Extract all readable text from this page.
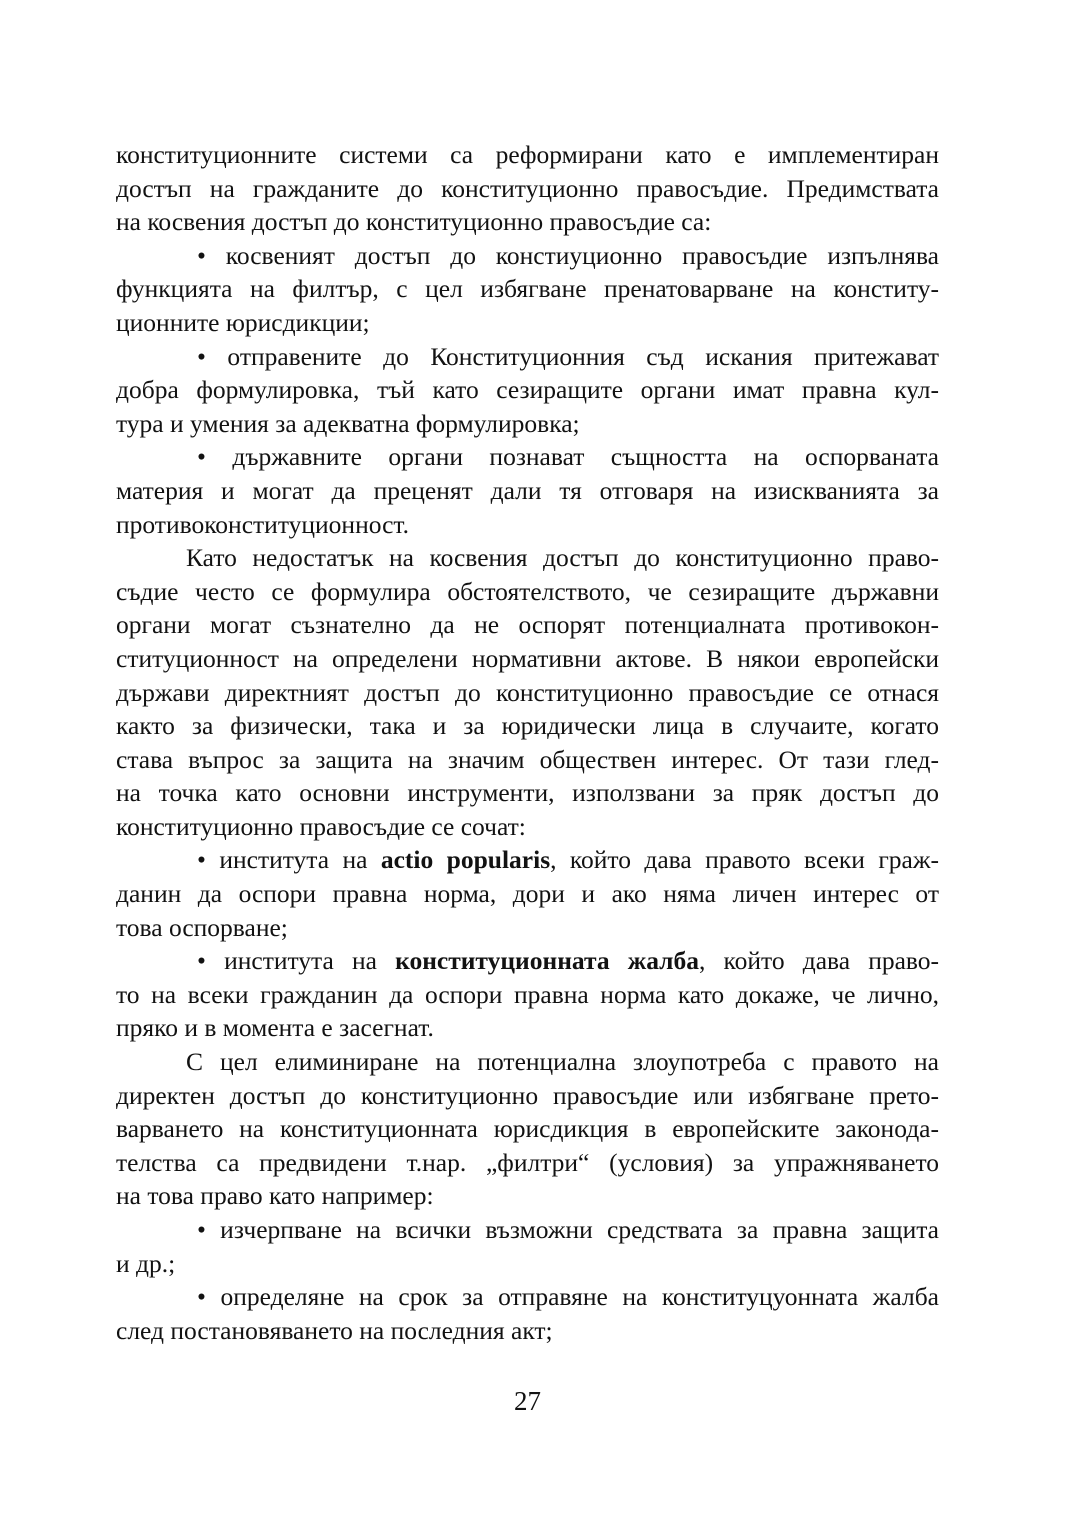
конституционните системи са реформирани като е имплементиран
достъп на гражданите до конституционно правосъдие. Предимствата
на косвения достъп до конституционно правосъдие са:
• косвеният достъп до констиуционно правосъдие изпълнява
функцията на филтър, с цел избягване пренатоварване на конститу-
ционните юрисдикции;
• отправените до Конституционния съд искания притежават
добра формулировка, тъй като сезиращите органи имат правна кул-
тура и умения за адекватна формулировка;
• държавните органи познават същността на оспорваната
материя и могат да преценят дали тя отговаря на изискванията за
противоконституционност.
Като недостатък на косвения достъп до конституционно право-
съдие често се формулира обстоятелството, че сезиращите държавни
органи могат съзнателно да не оспорят потенциалната противокон-
ституционност на определени нормативни актове. В някои европейски
държави директният достъп до конституционно правосъдие се отнася
както за физически, така и за юридически лица в случаите, когато
става въпрос за защита на значим обществен интерес. От тази глед-
на точка като основни инструменти, използвани за пряк достъп до
конституционно правосъдие се сочат:
• института на actio popularis, който дава правото всеки граж-
данин да оспори правна норма, дори и ако няма личен интерес от
това оспорване;
• института на конституционната жалба, който дава право-
то на всеки гражданин да оспори правна норма като докаже, че лично,
пряко и в момента е засегнат.
С цел елиминиране на потенциална злоупотреба с правото на
директен достъп до конституционно правосъдие или избягване прето-
варването на конституционната юрисдикция в европейските законода-
телства са предвидени т.нар. „филтри“ (условия) за упражняването
на това право като например:
• изчерпване на всички възможни средствата за правна защита
и др.;
• определяне на срок за отправяне на конституцуонната жалба
след постановяването на последния акт;
27
